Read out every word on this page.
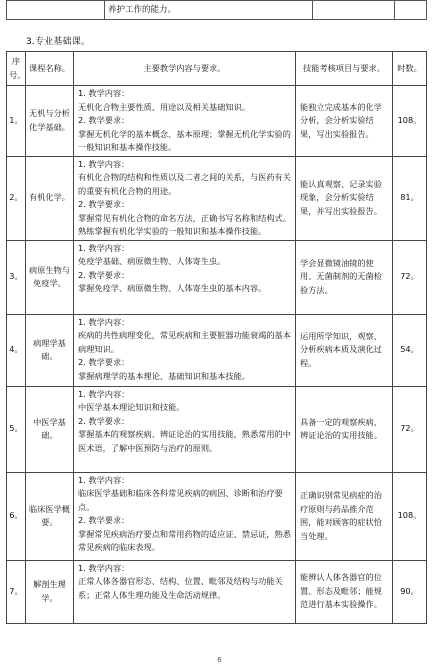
	养护工作的能力。		
3.专业基础课。
序号。	课程名称。	主要教学内容与要求。	技能考核项目与要求。	时数。
1。	无机与分析化学基础。	1. 教学内容：
无机化合物主要性质、用途以及相关基础知识。
2. 教学要求：
掌握无机化学的基本概念、基本原理；掌握无机化学实验的一般知识和基本操作技能。	能独立完成基本的化学分析，会分析实验结果，写出实验报告。	108。
2。	有机化学。	1. 教学内容：
有机化合物的结构和性质以及二者之间的关系，与医药有关的重要有机化合物的用途。
2. 教学要求：
掌握常见有机化合物的命名方法，正确书写名称和结构式。熟练掌握有机化学实验的一般知识和基本操作技能。	能认真观察、记录实验现象，会分析实验结果，并写出实验报告。	81。
3。	病原生物与免疫学。	1. 教学内容：
免疫学基础、病原微生物、人体寄生虫。
2. 教学要求：
掌握免疫学、病原微生物、人体寄生虫的基本内容。	学会显微镜油镜的使用、无菌制剂的无菌检验方法。	72。
4。	病理学基础。	1. 教学内容：
疾病的共性病理变化，常见疾病和主要脏器功能衰竭的基本病理知识。
2. 教学要求：
掌握病理学的基本理论、基础知识和基本技能。	运用所学知识，观察、分析疾病本质及演化过程。	54。
5。	中医学基础。	1. 教学内容：
中医学基本理论知识和技能。
2. 教学要求：
掌握基本的观察疾病、辨证论治的实用技能，熟悉常用的中医术语，了解中医预防与治疗的原则。	具备一定的观察疾病、辨证论治的实用技能。	72。
6。	临床医学概要。	1. 教学内容：
临床医学基础和临床各科常见疾病的病因、诊断和治疗要点。
2. 教学要求：
掌握常见疾病治疗要点和常用药物的适应证、禁忌证，熟悉常见疾病的临床表现。	正确识别常见病症的治疗原则与药品推介范围，能对顾客的症状恰当处理。	108。
7。	解剖生理学。	1. 教学内容：
正常人体各器官形态、结构、位置、毗邻及结构与功能关系；正常人体生理功能及生命活动规律。	能辨认人体各器官的位置、形态及毗邻；能规范进行基本实验操作。	90。
6
